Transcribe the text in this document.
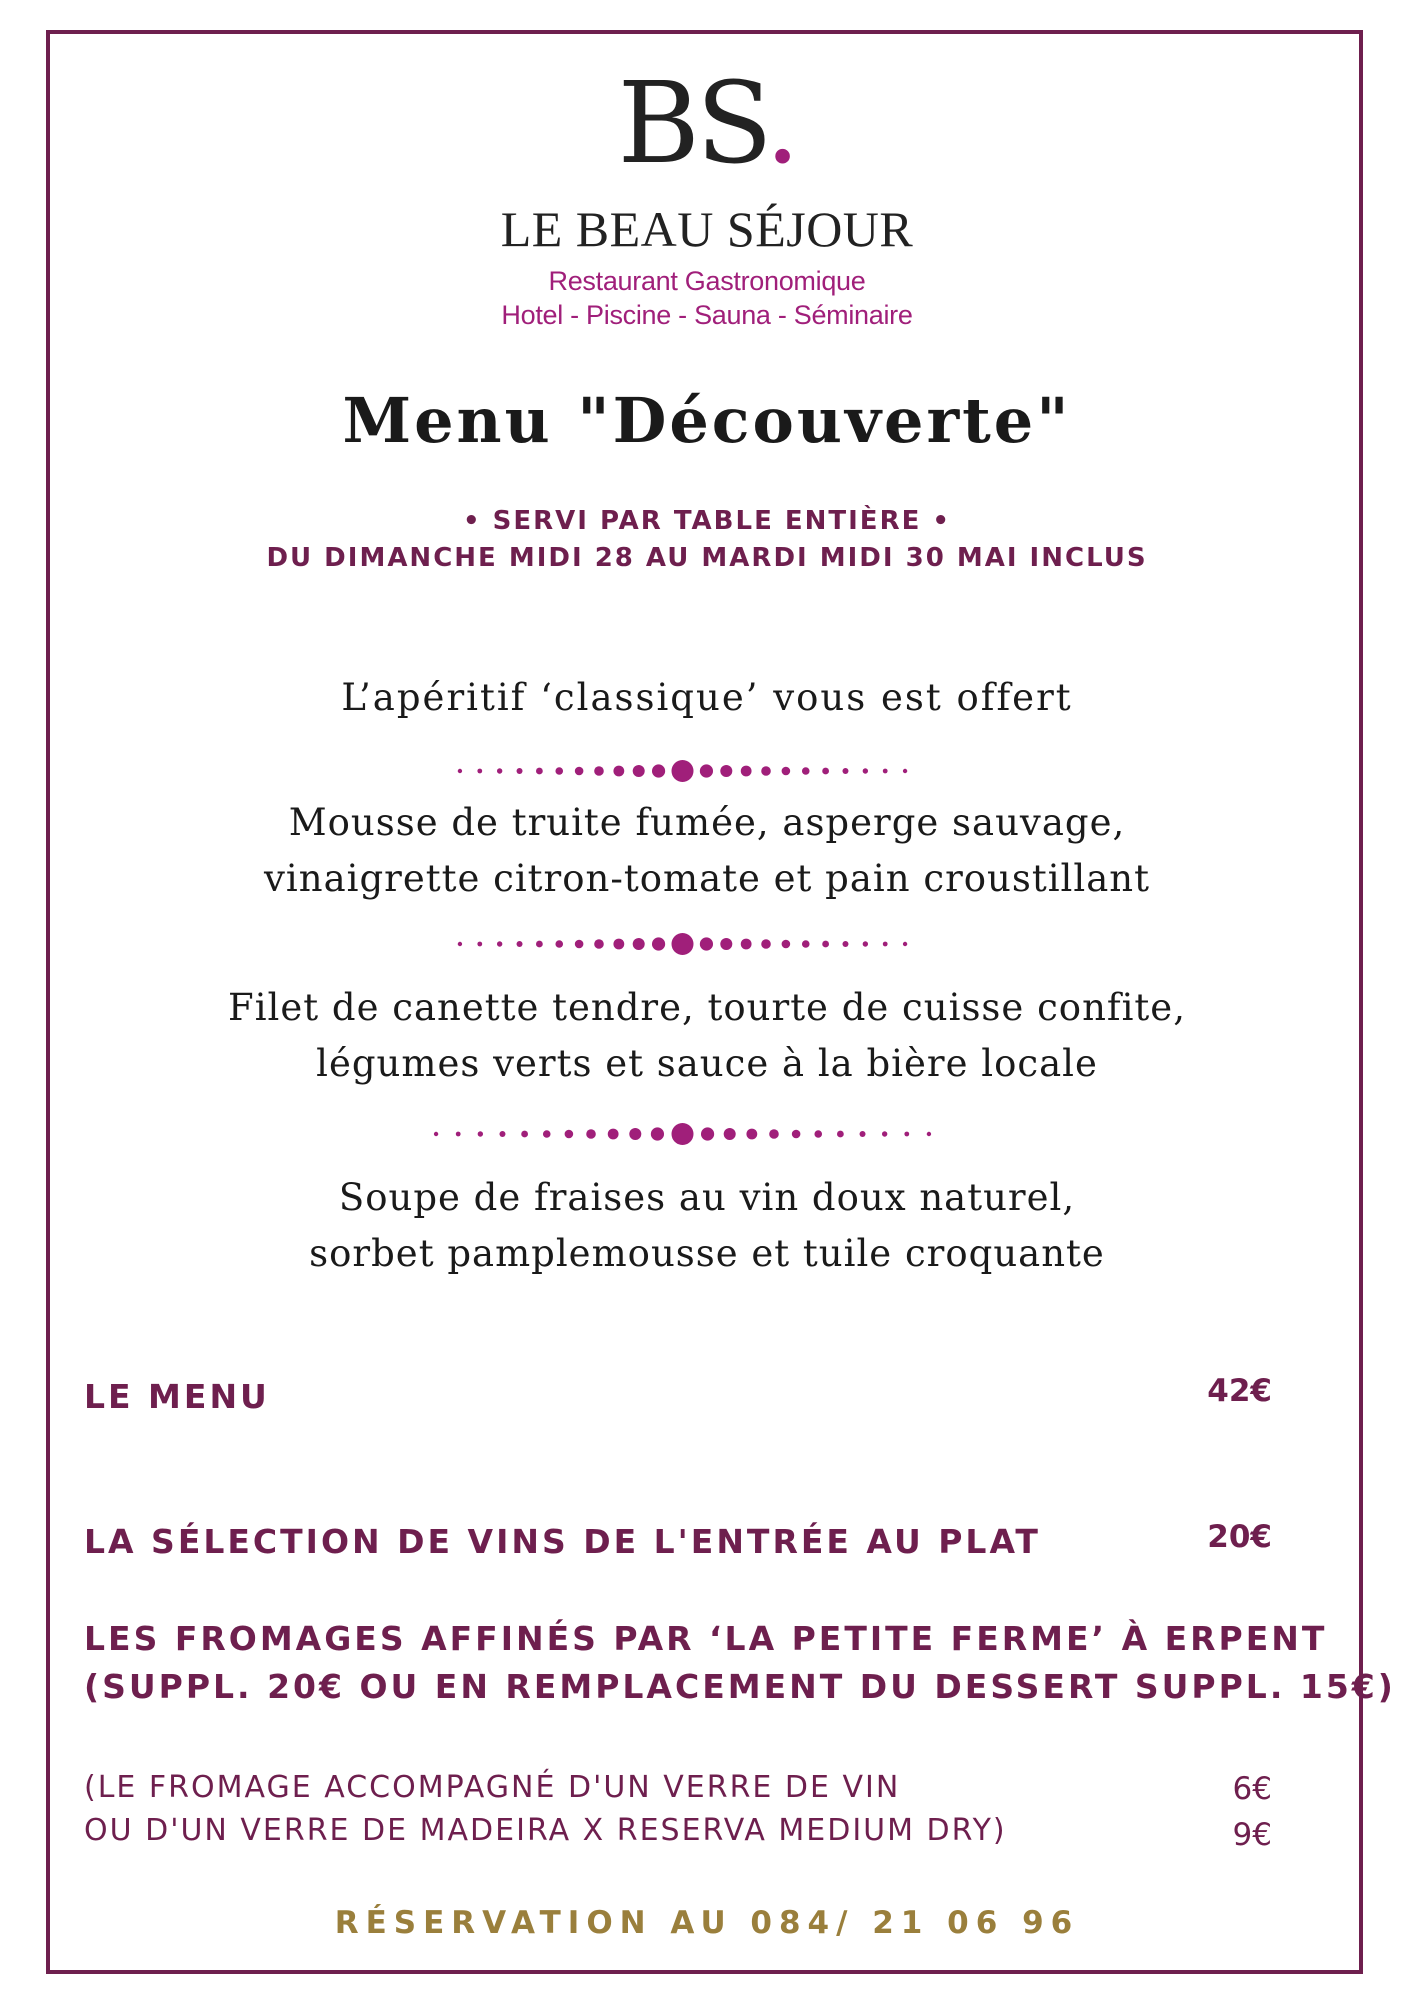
BS.
LE BEAU SÉJOUR
Restaurant Gastronomique
Hotel - Piscine - Sauna - Séminaire
Menu "Découverte"
• SERVI PAR TABLE ENTIÈRE •
DU DIMANCHE MIDI 28 AU MARDI MIDI 30 MAI INCLUS
L’apéritif ‘classique’ vous est offert
Mousse de truite fumée, asperge sauvage,
vinaigrette citron-tomate et pain croustillant
Filet de canette tendre, tourte de cuisse confite,
légumes verts et sauce à la bière locale
Soupe de fraises au vin doux naturel,
sorbet pamplemousse et tuile croquante
LE MENU	42€
LA SÉLECTION DE VINS DE L'ENTRÉE AU PLAT	20€
LES FROMAGES AFFINÉS PAR ‘LA PETITE FERME’ À ERPENT
(SUPPL. 20€ OU EN REMPLACEMENT DU DESSERT SUPPL. 15€)
(LE FROMAGE ACCOMPAGNÉ D'UN VERRE DE VIN	6€
OU D'UN VERRE DE MADEIRA X RESERVA MEDIUM DRY)	9€
RÉSERVATION AU 084/ 21 06 96
